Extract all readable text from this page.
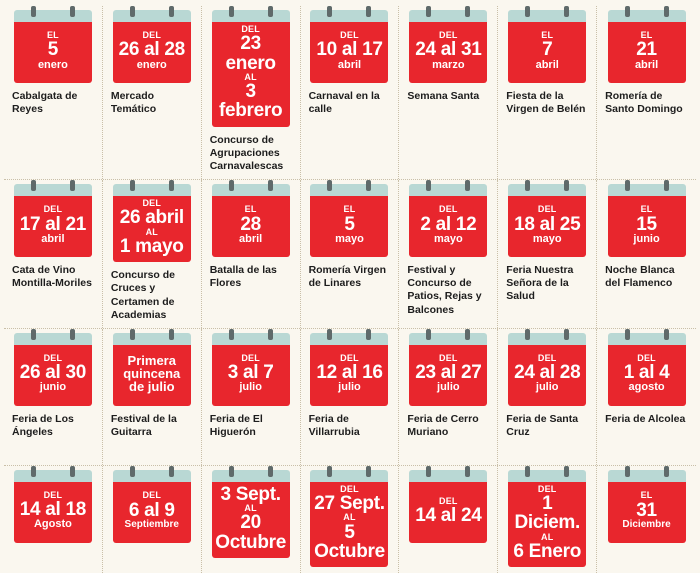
EL
5
enero
Cabalgata de Reyes
DEL
26 al 28
enero
Mercado Temático
DEL
23 enero
AL
3 febrero
Concurso de Agrupaciones Carnavalescas
DEL
10 al 17
abril
Carnaval en la calle
DEL
24 al 31
marzo
Semana Santa
EL
7
abril
Fiesta de la Virgen de Belén
EL
21
abril
Romería de Santo Domingo
DEL
17 al 21
abril
Cata de Vino Montilla-Moriles
DEL
26 abril
AL
1 mayo
Concurso de Cruces y Certamen de Academias
EL
28
abril
Batalla de las Flores
EL
5
mayo
Romería Virgen de Linares
DEL
2 al 12
mayo
Festival y Concurso de Patios, Rejas y Balcones
DEL
18 al 25
mayo
Feria Nuestra Señora de la Salud
EL
15
junio
Noche Blanca del Flamenco
DEL
26 al 30
junio
Feria de Los Ángeles
Primera
quincena
de julio
Festival de la Guitarra
DEL
3 al 7
julio
Feria de El Higuerón
DEL
12 al 16
julio
Feria de Villarrubia
DEL
23 al 27
julio
Feria de Cerro Muriano
DEL
24 al 28
julio
Feria de Santa Cruz
DEL
1 al 4
agosto
Feria de Alcolea
DEL
14 al 18
Agosto
DEL
6 al 9
Septiembre
3 Sept.
AL
20 Octubre
DEL
27 Sept.
AL
5 Octubre
DEL
14 al 24
DEL
1 Diciem.
AL
6 Enero
EL
31
Diciembre
